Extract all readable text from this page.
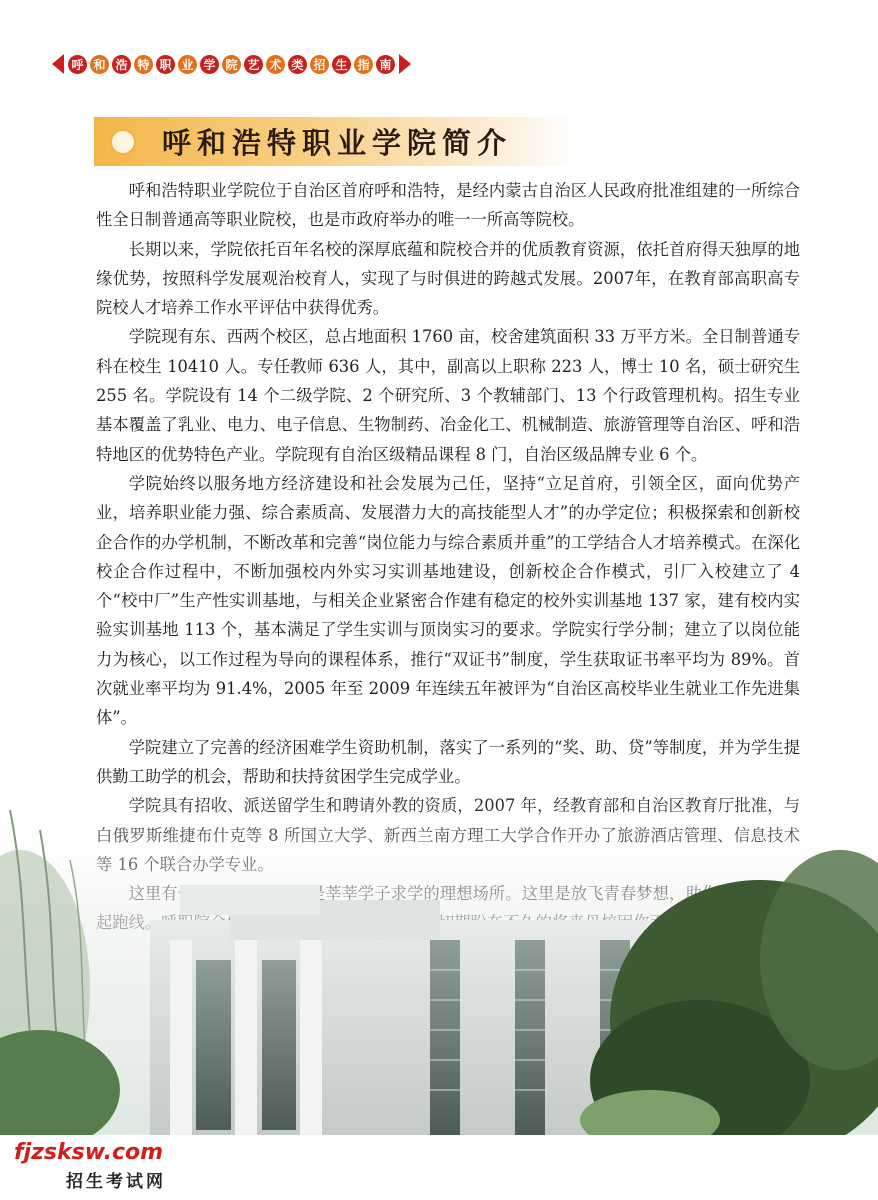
呼 和 浩 特 职 业 学 院 艺 术 类 招 生 指 南
呼和浩特职业学院简介

呼和浩特职业学院位于自治区首府呼和浩特，是经内蒙古自治区人民政府批准组建的一所综合性全日制普通高等职业院校，也是市政府举办的唯一一所高等院校。

长期以来，学院依托百年名校的深厚底蕴和院校合并的优质教育资源，依托首府得天独厚的地缘优势，按照科学发展观治校育人，实现了与时俱进的跨越式发展。2007年，在教育部高职高专院校人才培养工作水平评估中获得优秀。

学院现有东、西两个校区，总占地面积 1760 亩，校舍建筑面积 33 万平方米。全日制普通专科在校生 10410 人。专任教师 636 人，其中，副高以上职称 223 人，博士 10 名，硕士研究生 255 名。学院设有 14 个二级学院、2 个研究所、3 个教辅部门、13 个行政管理机构。招生专业基本覆盖了乳业、电力、电子信息、生物制药、冶金化工、机械制造、旅游管理等自治区、呼和浩特地区的优势特色产业。学院现有自治区级精品课程 8 门，自治区级品牌专业 6 个。

学院始终以服务地方经济建设和社会发展为己任，坚持“立足首府，引领全区，面向优势产业，培养职业能力强、综合素质高、发展潜力大的高技能型人才”的办学定位；积极探索和创新校企合作的办学机制，不断改革和完善“岗位能力与综合素质并重”的工学结合人才培养模式。在深化校企合作过程中，不断加强校内外实习实训基地建设，创新校企合作模式，引厂入校建立了 4 个“校中厂”生产性实训基地，与相关企业紧密合作建有稳定的校外实训基地 137 家，建有校内实验实训基地 113 个，基本满足了学生实训与顶岗实习的要求。学院实行学分制；建立了以岗位能力为核心，以工作过程为导向的课程体系，推行“双证书”制度，学生获取证书率平均为 89%。首次就业率平均为 91.4%，2005 年至 2009 年连续五年被评为“自治区高校毕业生就业工作先进集体”。

学院建立了完善的经济困难学生资助机制，落实了一系列的“奖、助、贷”等制度，并为学生提供勤工助学的机会，帮助和扶持贫困学生完成学业。

fjzsksw.com
招生考试网
